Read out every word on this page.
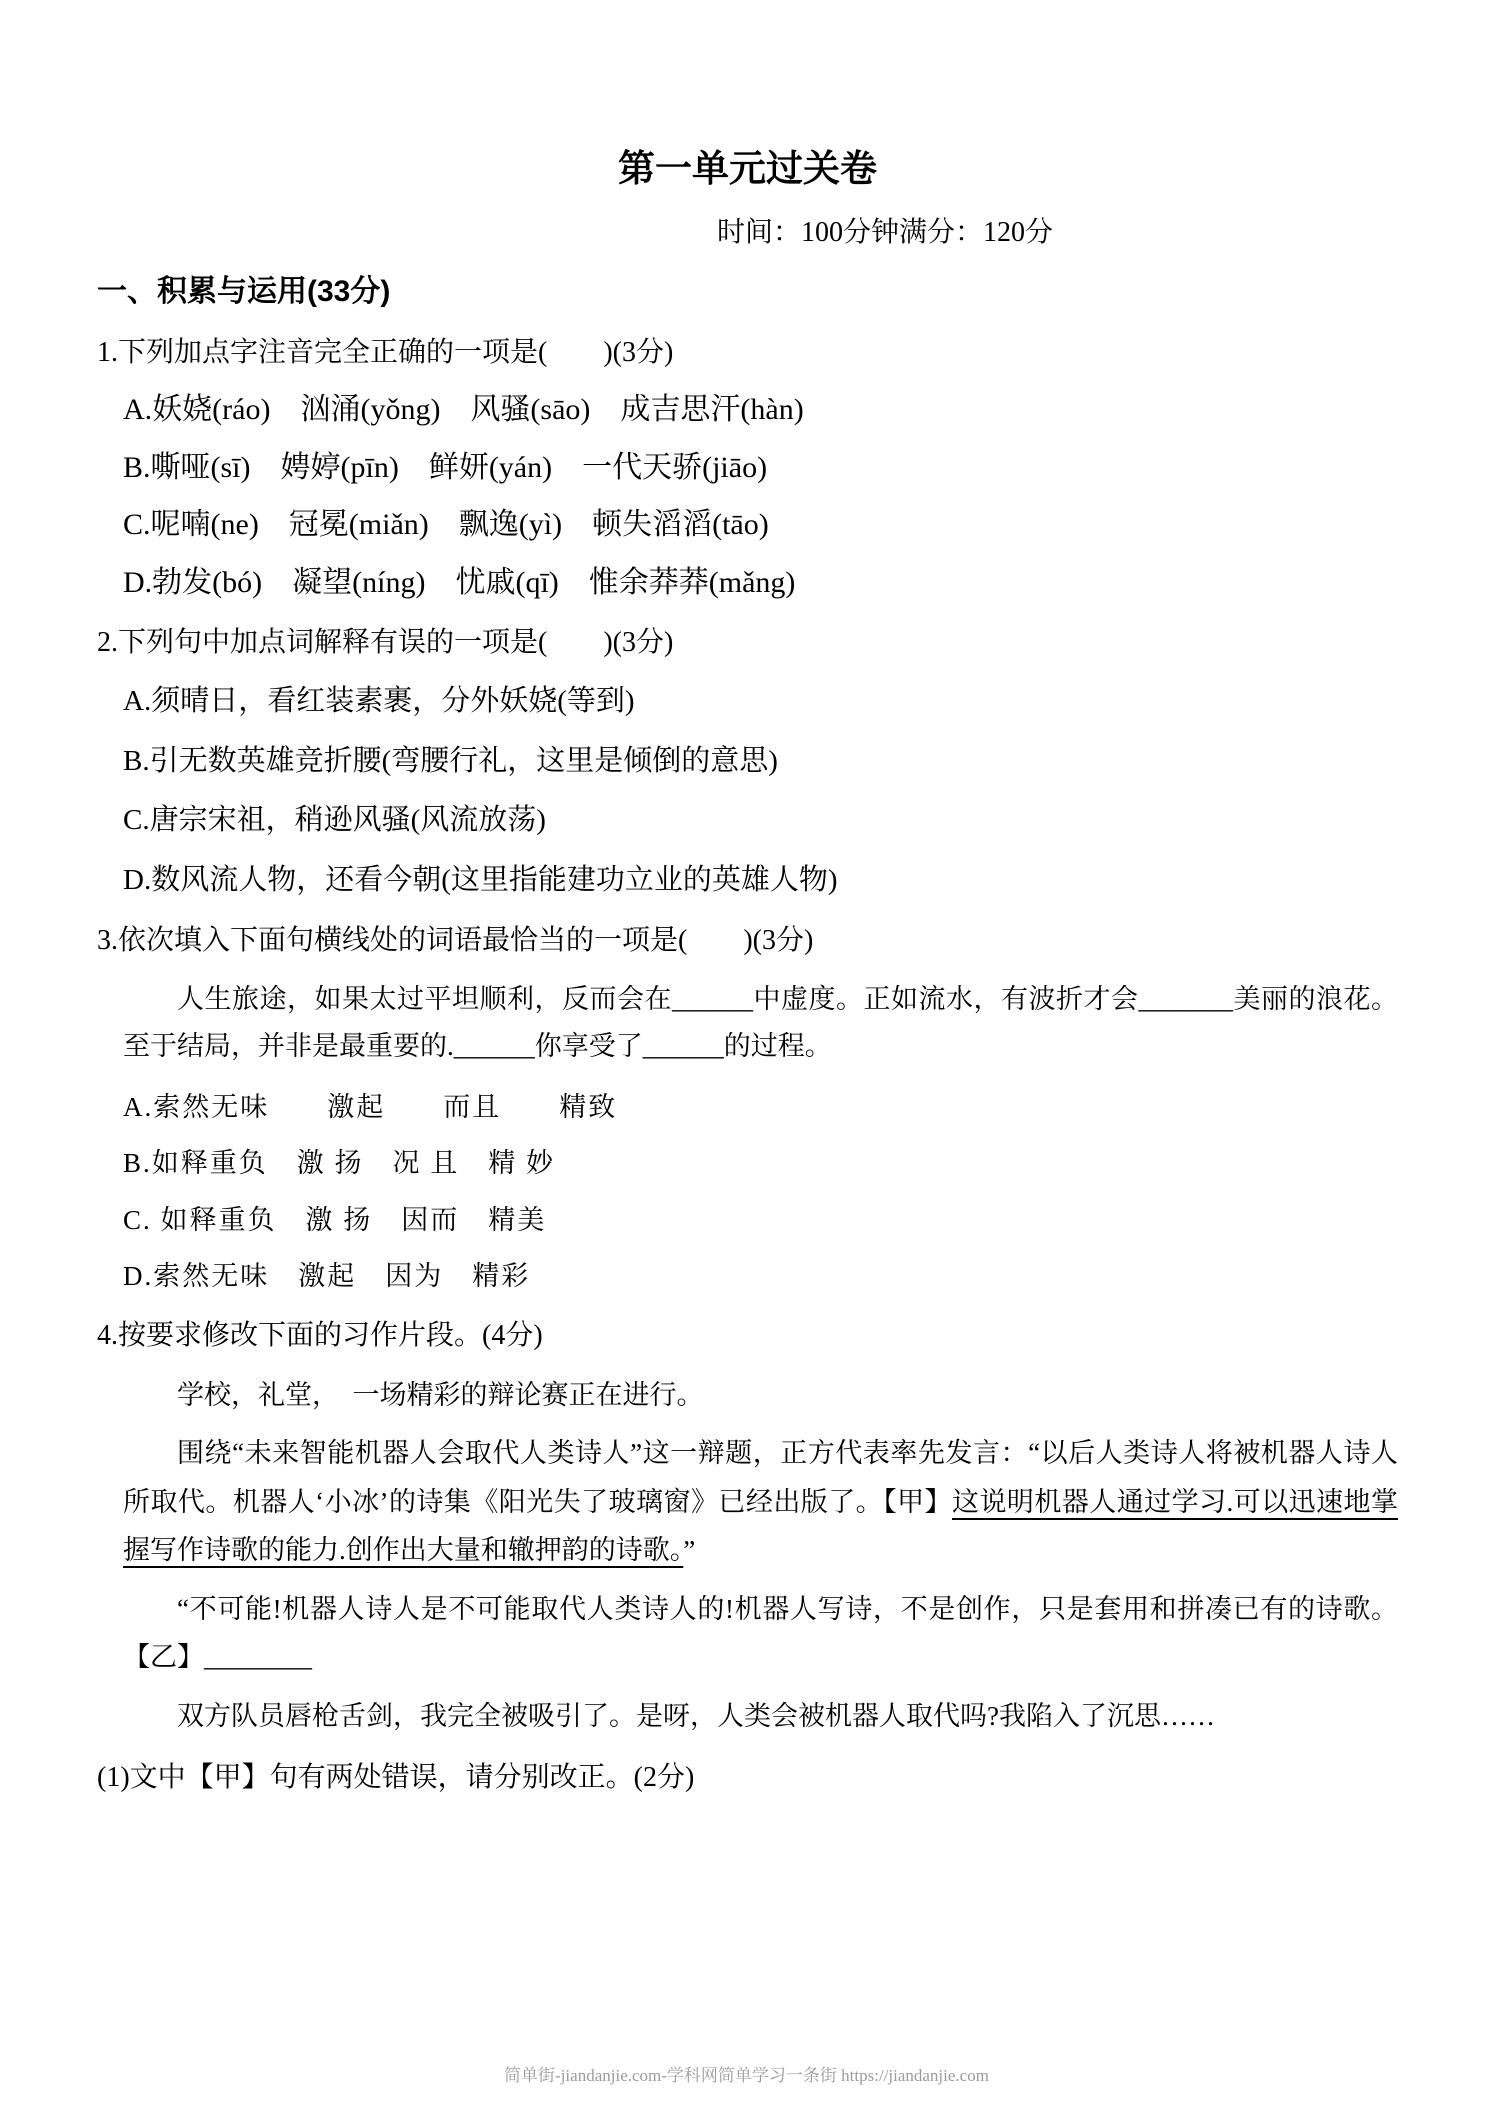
第一单元过关卷
时间：100分钟满分：120分
一、积累与运用(33分)
1.下列加点字注音完全正确的一项是(　　)(3分)
A.妖娆(ráo)　汹涌(yǒng)　风骚(sāo)　成吉思汗(hàn)
B.嘶哑(sī)　娉婷(pīn)　鲜妍(yán)　一代天骄(jiāo)
C.呢喃(ne)　冠冕(miǎn)　飘逸(yì)　顿失滔滔(tāo)
D.勃发(bó)　凝望(níng)　忧戚(qī)　惟余莽莽(mǎng)
2.下列句中加点词解释有误的一项是(　　)(3分)
A.须晴日，看红装素裹，分外妖娆(等到)
B.引无数英雄竞折腰(弯腰行礼，这里是倾倒的意思)
C.唐宗宋祖，稍逊风骚(风流放荡)
D.数风流人物，还看今朝(这里指能建功立业的英雄人物)
3.依次填入下面句横线处的词语最恰当的一项是(　　)(3分)
人生旅途，如果太过平坦顺利，反而会在______中虚度。正如流水，有波折才会_______美丽的浪花。至于结局，并非是最重要的.______你享受了______的过程。
A.索然无味　　激起　　而且　　精致
B.如释重负　激 扬　况 且　精 妙
C. 如释重负　激 扬　因而　精美
D.索然无味　激起　因为　精彩
4.按要求修改下面的习作片段。(4分)
学校，礼堂，　一场精彩的辩论赛正在进行。
围绕“未来智能机器人会取代人类诗人”这一辩题，正方代表率先发言：“以后人类诗人将被机器人诗人所取代。机器人‘小冰’的诗集《阳光失了玻璃窗》已经出版了。【甲】这说明机器人通过学习.可以迅速地掌握写作诗歌的能力.创作出大量和辙押韵的诗歌。”
“不可能!机器人诗人是不可能取代人类诗人的!机器人写诗，不是创作，只是套用和拼凑已有的诗歌。【乙】________
双方队员唇枪舌剑，我完全被吸引了。是呀，人类会被机器人取代吗?我陷入了沉思……
(1)文中【甲】句有两处错误，请分别改正。(2分)
简单街-jiandanjie.com-学科网简单学习一条街 https://jiandanjie.com
